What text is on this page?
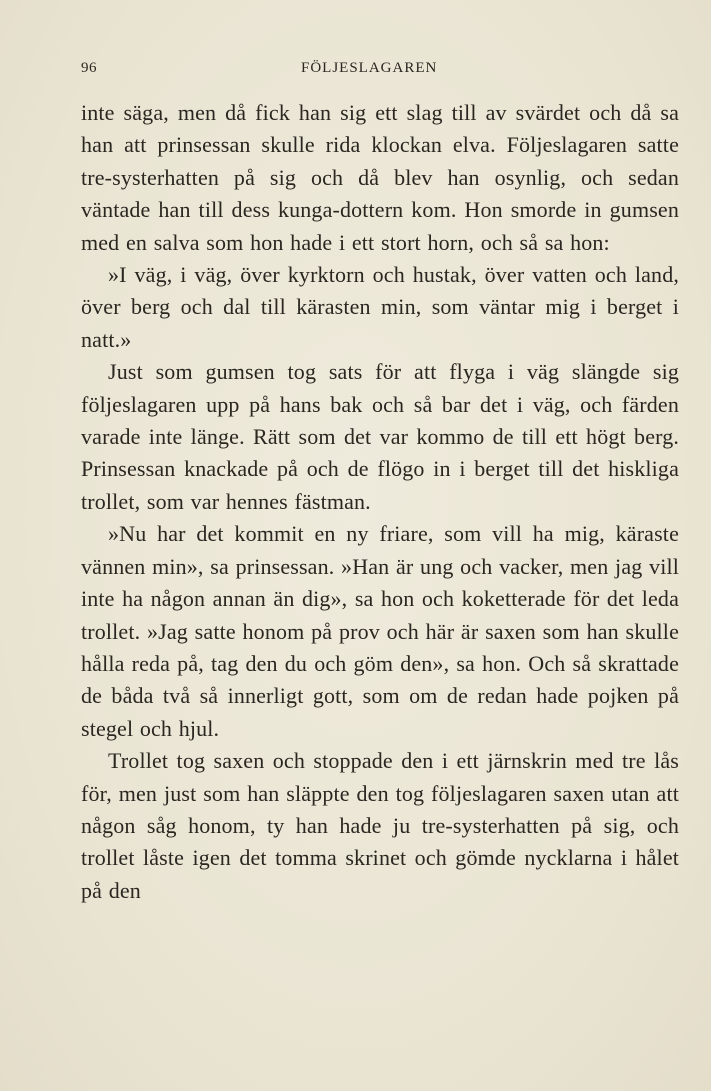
96	FÖLJESLAGAREN

inte säga, men då fick han sig ett slag till av svärdet och då sa han att prinsessan skulle rida klockan elva. Följeslagaren satte tre-systerhatten på sig och då blev han osynlig, och sedan väntade han till dess kunga-dottern kom. Hon smorde in gumsen med en salva som hon hade i ett stort horn, och så sa hon:

»I väg, i väg, över kyrktorn och hustak, över vatten och land, över berg och dal till kärasten min, som väntar mig i berget i natt.»

Just som gumsen tog sats för att flyga i väg slängde sig följeslagaren upp på hans bak och så bar det i väg, och färden varade inte länge. Rätt som det var kommo de till ett högt berg. Prinsessan knackade på och de flögo in i berget till det hiskliga trollet, som var hennes fästman.

»Nu har det kommit en ny friare, som vill ha mig, käraste vännen min», sa prinsessan. »Han är ung och vacker, men jag vill inte ha någon annan än dig», sa hon och koketterade för det leda trollet. »Jag satte honom på prov och här är saxen som han skulle hålla reda på, tag den du och göm den», sa hon. Och så skrattade de båda två så innerligt gott, som om de redan hade pojken på stegel och hjul.

Trollet tog saxen och stoppade den i ett järnskrin med tre lås för, men just som han släppte den tog följeslagaren saxen utan att någon såg honom, ty han hade ju tre-systerhatten på sig, och trollet låste igen det tomma skrinet och gömde nycklarna i hålet på den
